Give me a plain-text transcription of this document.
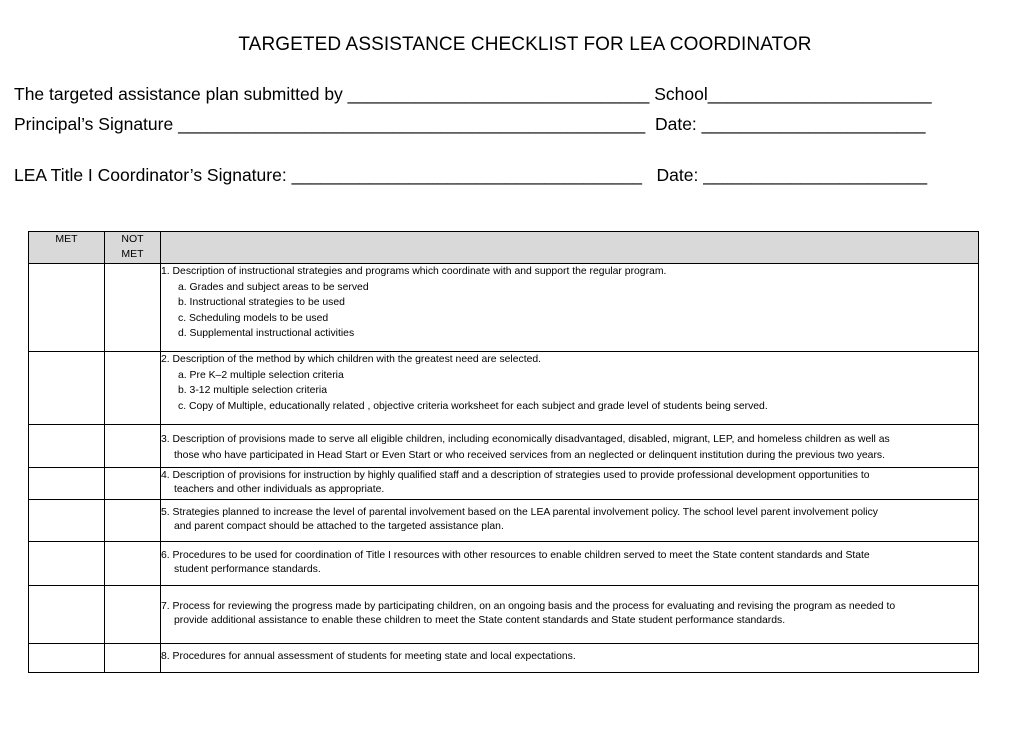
TARGETED ASSISTANCE CHECKLIST FOR LEA COORDINATOR
The targeted assistance plan submitted by _______________________________ School_______________________
Principal’s Signature ________________________________________________  Date: _______________________
LEA Title I Coordinator’s Signature: ____________________________________   Date: _______________________
MET	NOT
MET	

		1. Description of instructional strategies and programs which coordinate with and support the regular program.
a. Grades and subject areas to be served
b. Instructional strategies to be used
c. Scheduling models to be used
d. Supplemental instructional activities

		2. Description of the method by which children with the greatest need are selected.
a. Pre K–2 multiple selection criteria
b. 3-12 multiple selection criteria
c. Copy of Multiple, educationally related , objective criteria worksheet for each subject and grade level of students being served.

		3. Description of provisions made to serve all eligible children, including economically disadvantaged, disabled, migrant, LEP, and homeless children as well as
those who have participated in Head Start or Even Start or who received services from an neglected or delinquent institution during the previous two years.

		4. Description of provisions for instruction by highly qualified staff and a description of strategies used to provide professional development opportunities to
teachers and other individuals as appropriate.

		5. Strategies planned to increase the level of parental involvement based on the LEA parental involvement policy. The school level parent involvement policy
and parent compact should be attached to the targeted assistance plan.

		6. Procedures to be used for coordination of Title I resources with other resources to enable children served to meet the State content standards and State
student performance standards.

		7. Process for reviewing the progress made by participating children, on an ongoing basis and the process for evaluating and revising the program as needed to
provide additional assistance to enable these children to meet the State content standards and State student performance standards.

		8. Procedures for annual assessment of students for meeting state and local expectations.
